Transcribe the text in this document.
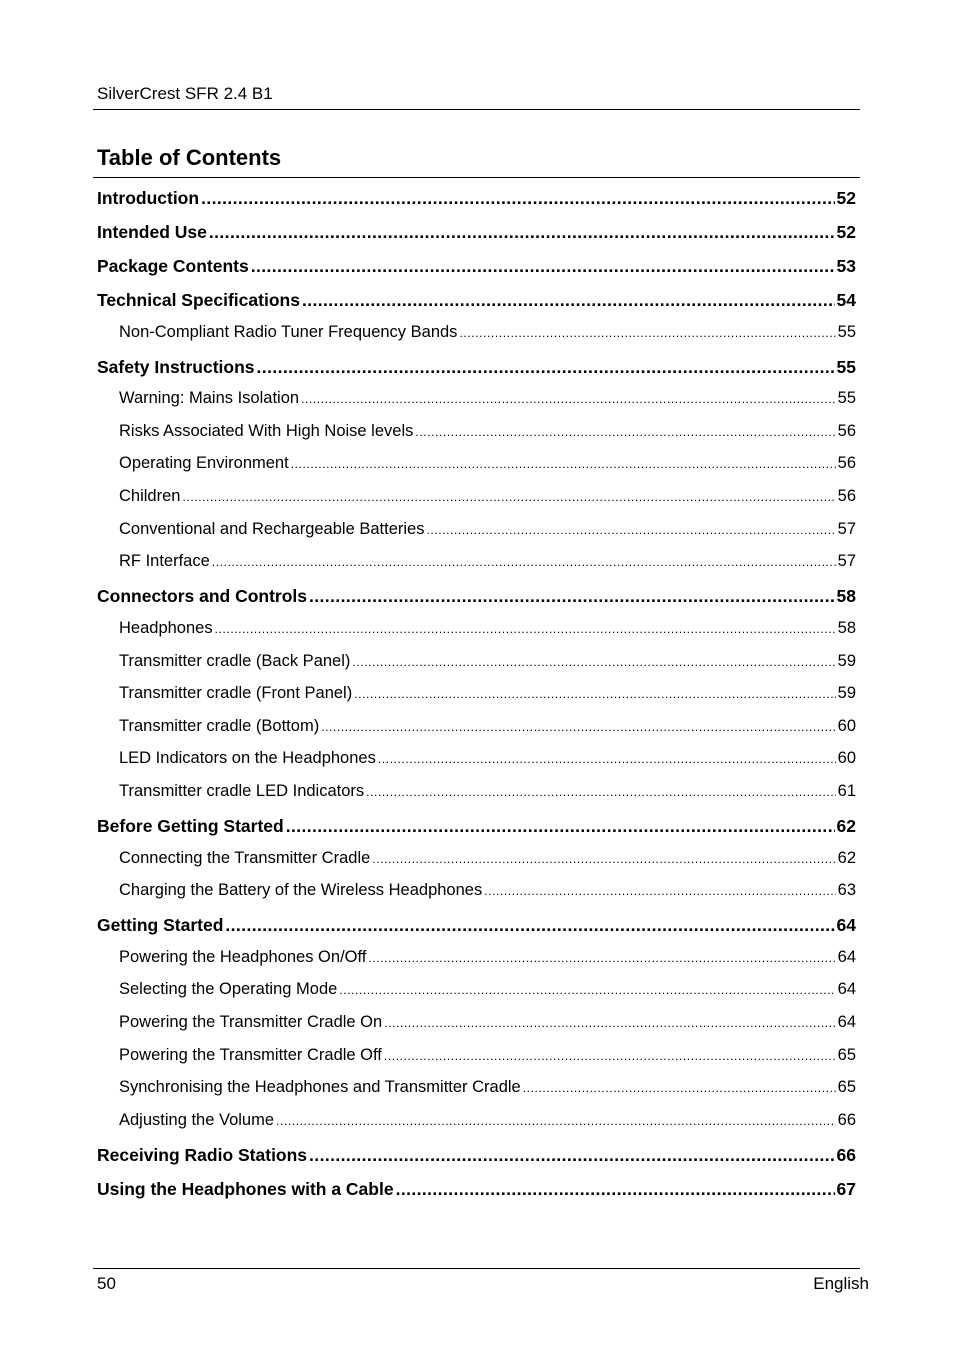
SilverCrest SFR 2.4 B1
Table of Contents
Introduction .....	52
Intended Use .....	52
Package Contents .....	53
Technical Specifications .....	54
Non-Compliant Radio Tuner Frequency Bands .....	55
Safety Instructions .....	55
Warning: Mains Isolation .....	55
Risks Associated With High Noise levels .....	56
Operating Environment .....	56
Children .....	56
Conventional and Rechargeable Batteries .....	57
RF Interface .....	57
Connectors and Controls .....	58
Headphones .....	58
Transmitter cradle (Back Panel) .....	59
Transmitter cradle (Front Panel) .....	59
Transmitter cradle (Bottom) .....	60
LED Indicators on the Headphones .....	60
Transmitter cradle LED Indicators .....	61
Before Getting Started .....	62
Connecting the Transmitter Cradle .....	62
Charging the Battery of the Wireless Headphones .....	63
Getting Started .....	64
Powering the Headphones On/Off .....	64
Selecting the Operating Mode .....	64
Powering the Transmitter Cradle On .....	64
Powering the Transmitter Cradle Off .....	65
Synchronising the Headphones and Transmitter Cradle .....	65
Adjusting the Volume .....	66
Receiving Radio Stations .....	66
Using the Headphones with a Cable .....	67
50	English
